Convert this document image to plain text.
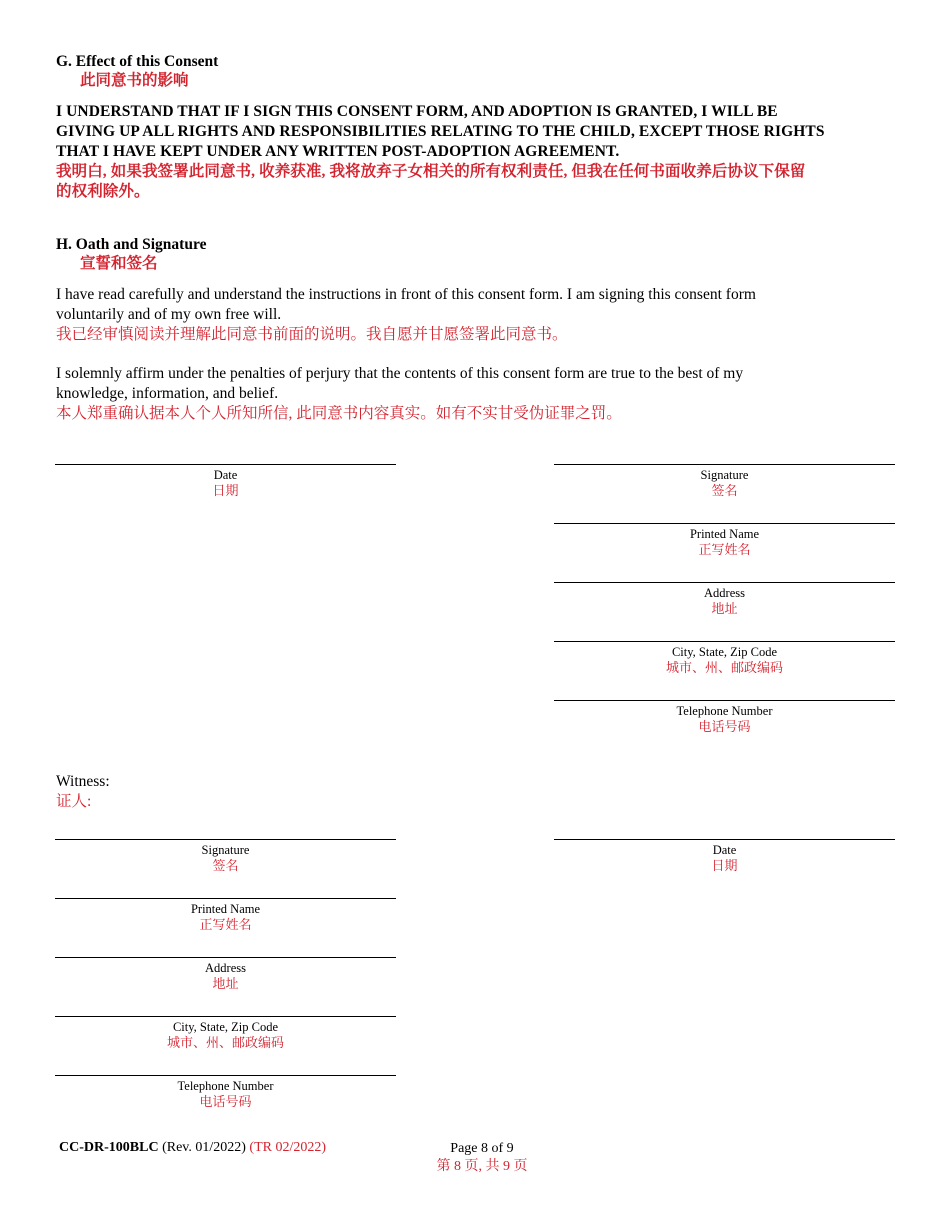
G. Effect of this Consent
此同意书的影响
I UNDERSTAND THAT IF I SIGN THIS CONSENT FORM, AND ADOPTION IS GRANTED, I WILL BE
GIVING UP ALL RIGHTS AND RESPONSIBILITIES RELATING TO THE CHILD, EXCEPT THOSE RIGHTS
THAT I HAVE KEPT UNDER ANY WRITTEN POST-ADOPTION AGREEMENT.
我明白, 如果我签署此同意书, 收养获准, 我将放弃子女相关的所有权利责任, 但我在任何书面收养后协议下保留
的权利除外。
H. Oath and Signature
宣誓和签名
I have read carefully and understand the instructions in front of this consent form. I am signing this consent form
voluntarily and of my own free will.
我已经审慎阅读并理解此同意书前面的说明。我自愿并甘愿签署此同意书。
I solemnly affirm under the penalties of perjury that the contents of this consent form are true to the best of my
knowledge, information, and belief.
本人郑重确认据本人个人所知所信, 此同意书内容真实。如有不实甘受伪证罪之罚。
Date
日期
Signature
签名
Printed Name
正写姓名
Address
地址
City, State, Zip Code
城市、州、邮政编码
Telephone Number
电话号码
Witness:
证人:
Signature
签名
Printed Name
正写姓名
Address
地址
City, State, Zip Code
城市、州、邮政编码
Telephone Number
电话号码
Date
日期
CC-DR-100BLC (Rev. 01/2022) (TR 02/2022)	Page 8 of 9
第 8 页, 共 9 页
